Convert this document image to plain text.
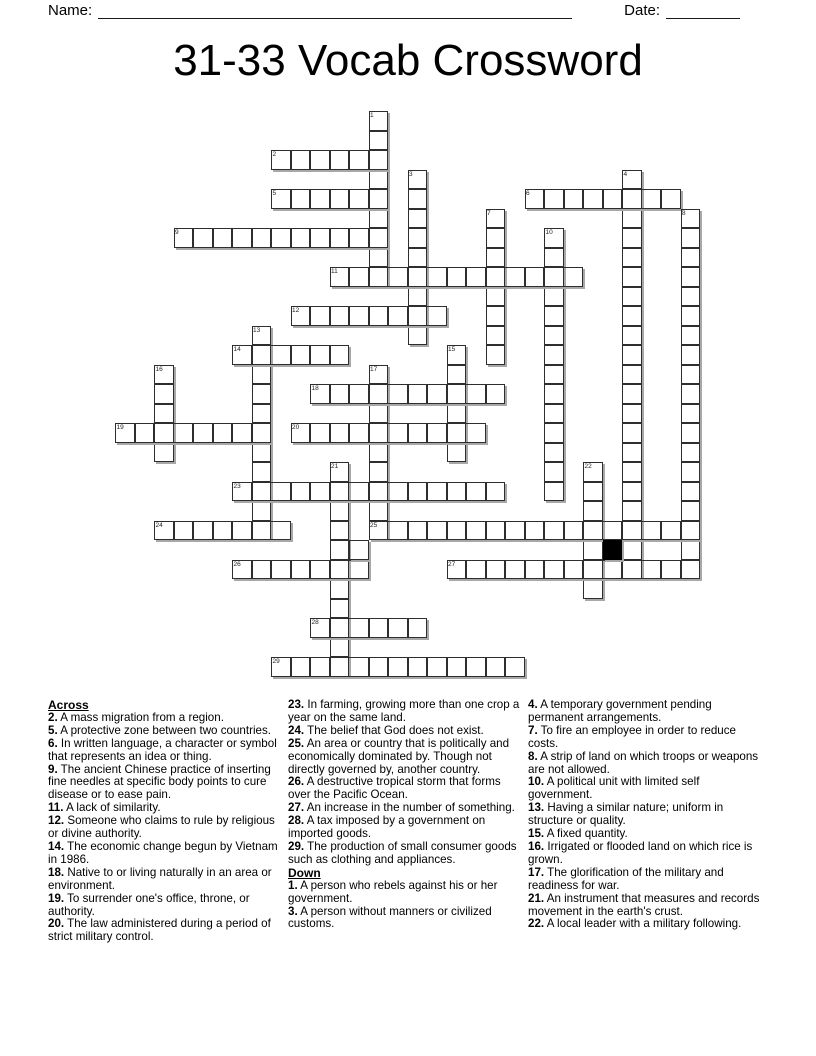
Name:	Date:
31-33 Vocab Crossword
1
2
3	4
5	6
7	8
9	10
11
12
13
14	15
16	17
18
19	20
21	22
23
24	25
26	27
28
29
Across
2. A mass migration from a region.
5. A protective zone between two countries.
6. In written language, a character or symbol that represents an idea or thing.
9. The ancient Chinese practice of inserting fine needles at specific body points to cure disease or to ease pain.
11. A lack of similarity.
12. Someone who claims to rule by religious or divine authority.
14. The economic change begun by Vietnam in 1986.
18. Native to or living naturally in an area or environment.
19. To surrender one's office, throne, or authority.
20. The law administered during a period of strict military control.
23. In farming, growing more than one crop a year on the same land.
24. The belief that God does not exist.
25. An area or country that is politically and economically dominated by. Though not directly governed by, another country.
26. A destructive tropical storm that forms over the Pacific Ocean.
27. An increase in the number of something.
28. A tax imposed by a government on imported goods.
29. The production of small consumer goods such as clothing and appliances.
Down
1. A person who rebels against his or her government.
3. A person without manners or civilized customs.
4. A temporary government pending permanent arrangements.
7. To fire an employee in order to reduce costs.
8. A strip of land on which troops or weapons are not allowed.
10. A political unit with limited self government.
13. Having a similar nature; uniform in structure or quality.
15. A fixed quantity.
16. Irrigated or flooded land on which rice is grown.
17. The glorification of the military and readiness for war.
21. An instrument that measures and records movement in the earth's crust.
22. A local leader with a military following.
